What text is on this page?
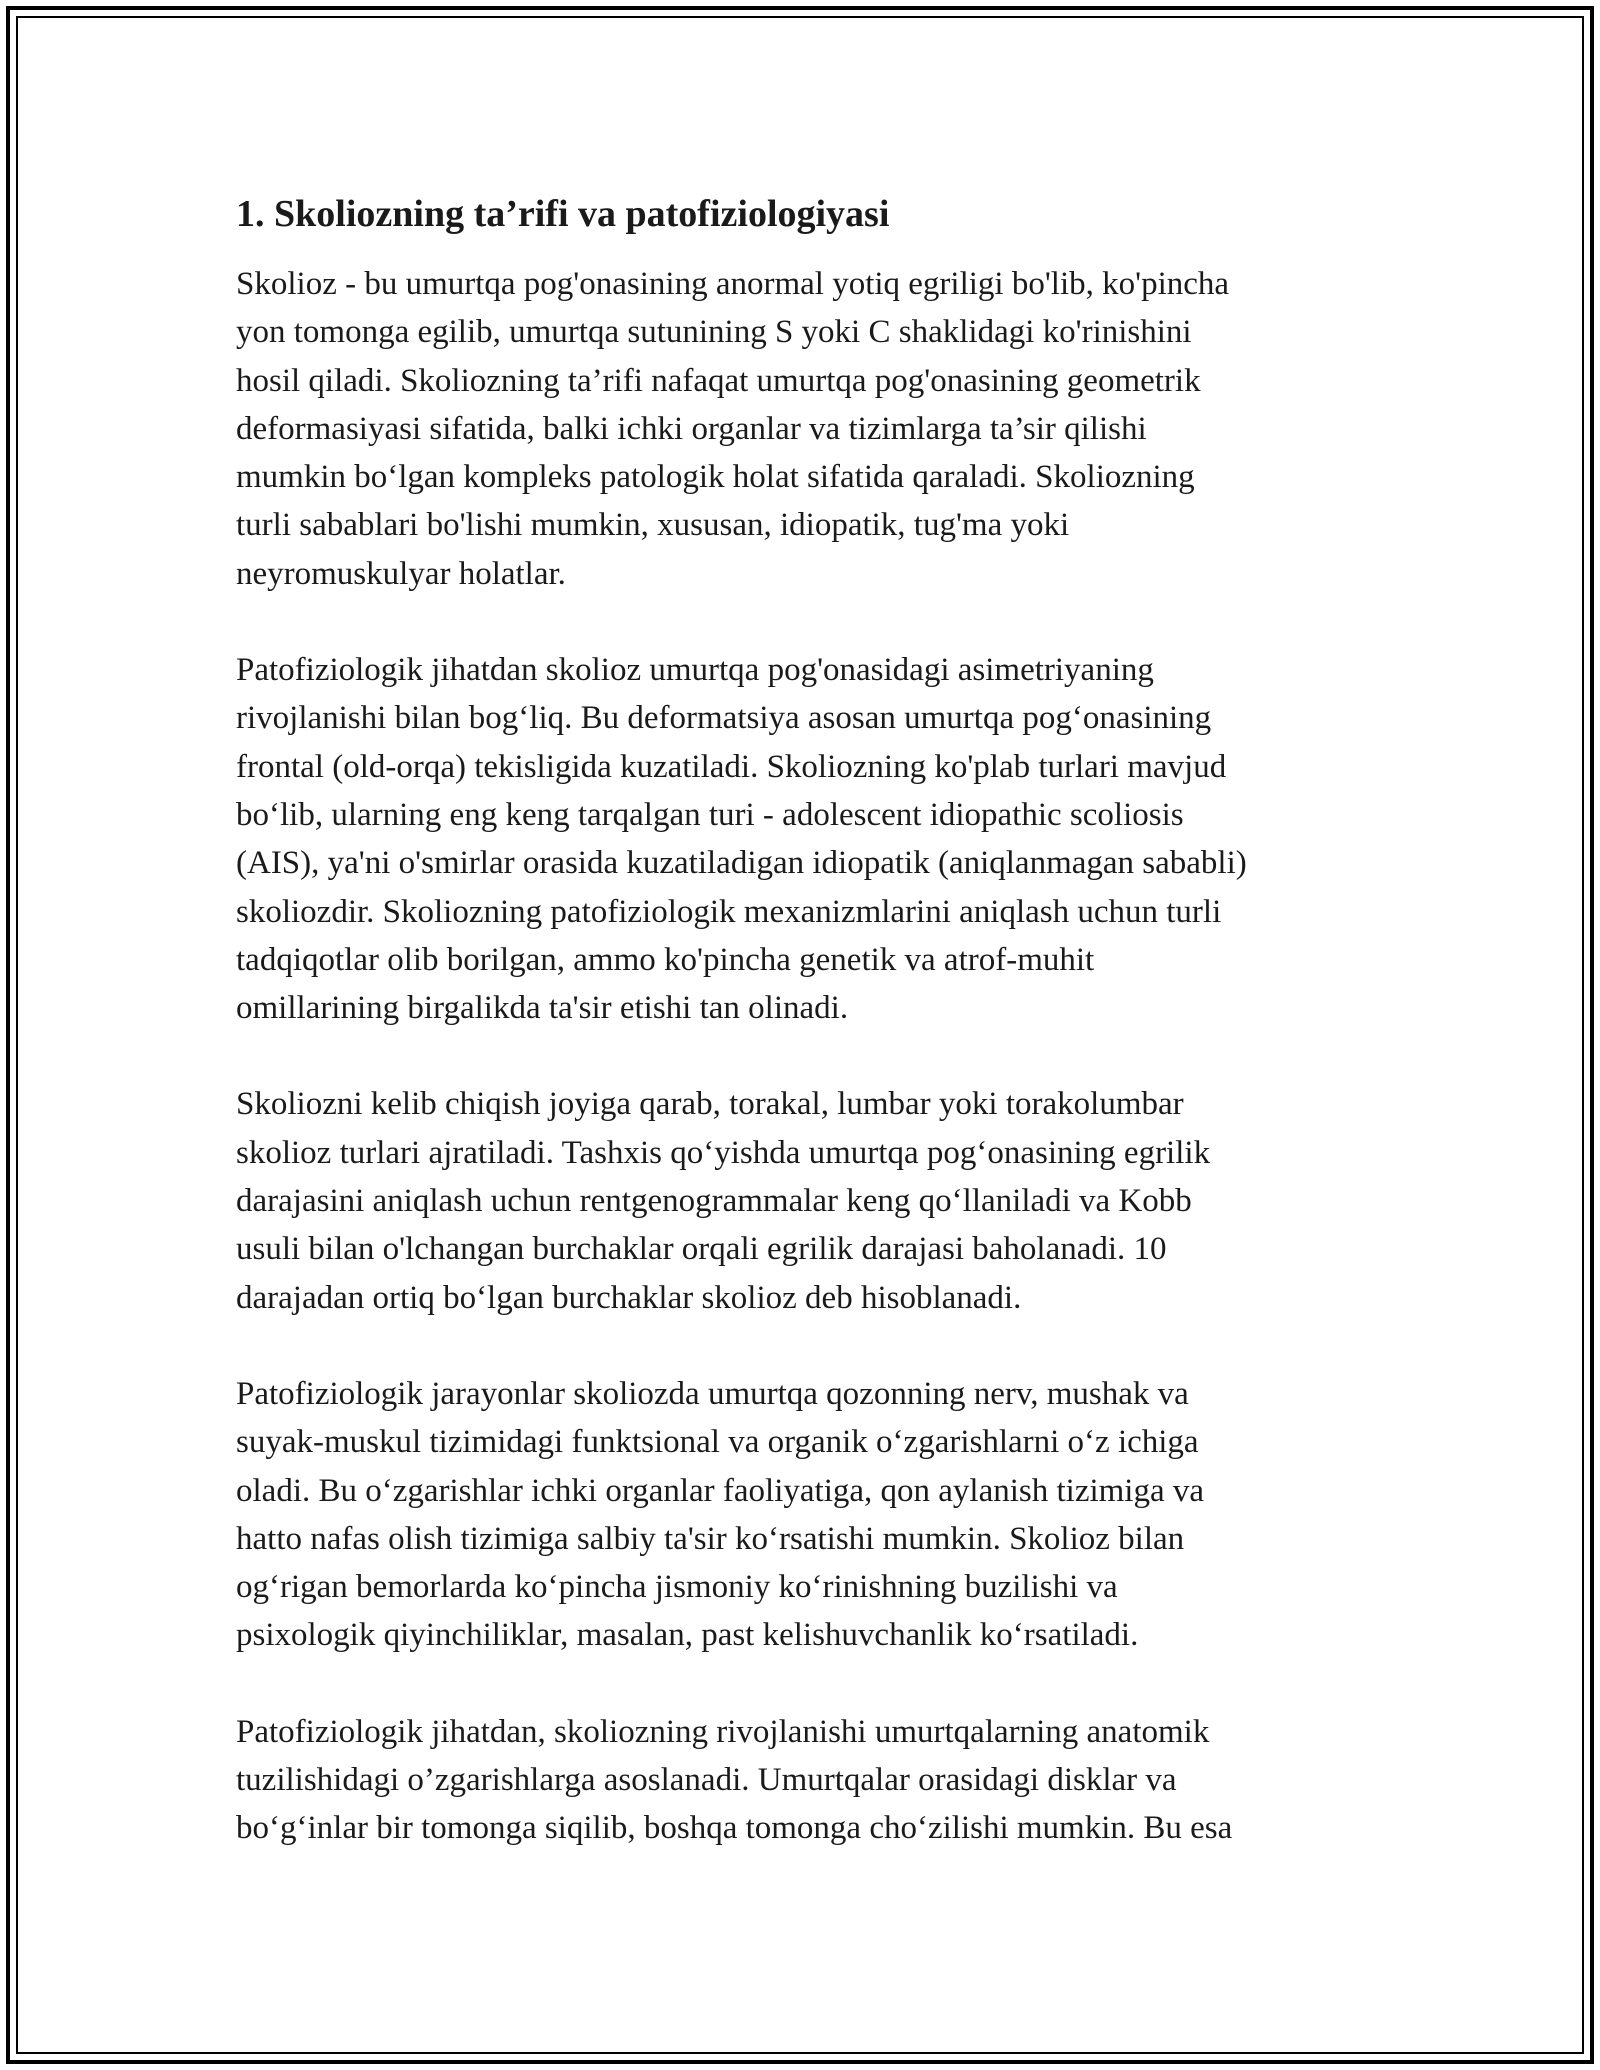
1. Skoliozning ta’rifi va patofiziologiyasi

Skolioz - bu umurtqa pog'onasining anormal yotiq egriligi bo'lib, ko'pincha
yon tomonga egilib, umurtqa sutunining S yoki C shaklidagi ko'rinishini
hosil qiladi. Skoliozning ta’rifi nafaqat umurtqa pog'onasining geometrik
deformasiyasi sifatida, balki ichki organlar va tizimlarga ta’sir qilishi
mumkin bo‘lgan kompleks patologik holat sifatida qaraladi. Skoliozning
turli sabablari bo'lishi mumkin, xususan, idiopatik, tug'ma yoki
neyromuskulyar holatlar.

Patofiziologik jihatdan skolioz umurtqa pog'onasidagi asimetriyaning
rivojlanishi bilan bog‘liq. Bu deformatsiya asosan umurtqa pog‘onasining
frontal (old-orqa) tekisligida kuzatiladi. Skoliozning ko'plab turlari mavjud
bo‘lib, ularning eng keng tarqalgan turi - adolescent idiopathic scoliosis
(AIS), ya'ni o'smirlar orasida kuzatiladigan idiopatik (aniqlanmagan sababli)
skoliozdir. Skoliozning patofiziologik mexanizmlarini aniqlash uchun turli
tadqiqotlar olib borilgan, ammo ko'pincha genetik va atrof-muhit
omillarining birgalikda ta'sir etishi tan olinadi.

Skoliozni kelib chiqish joyiga qarab, torakal, lumbar yoki torakolumbar
skolioz turlari ajratiladi. Tashxis qo‘yishda umurtqa pog‘onasining egrilik
darajasini aniqlash uchun rentgenogrammalar keng qo‘llaniladi va Kobb
usuli bilan o'lchangan burchaklar orqali egrilik darajasi baholanadi. 10
darajadan ortiq bo‘lgan burchaklar skolioz deb hisoblanadi.

Patofiziologik jarayonlar skoliozda umurtqa qozonning nerv, mushak va
suyak-muskul tizimidagi funktsional va organik o‘zgarishlarni o‘z ichiga
oladi. Bu o‘zgarishlar ichki organlar faoliyatiga, qon aylanish tizimiga va
hatto nafas olish tizimiga salbiy ta'sir ko‘rsatishi mumkin. Skolioz bilan
og‘rigan bemorlarda ko‘pincha jismoniy ko‘rinishning buzilishi va
psixologik qiyinchiliklar, masalan, past kelishuvchanlik ko‘rsatiladi.

Patofiziologik jihatdan, skoliozning rivojlanishi umurtqalarning anatomik
tuzilishidagi o’zgarishlarga asoslanadi. Umurtqalar orasidagi disklar va
bo‘g‘inlar bir tomonga siqilib, boshqa tomonga cho‘zilishi mumkin. Bu esa
